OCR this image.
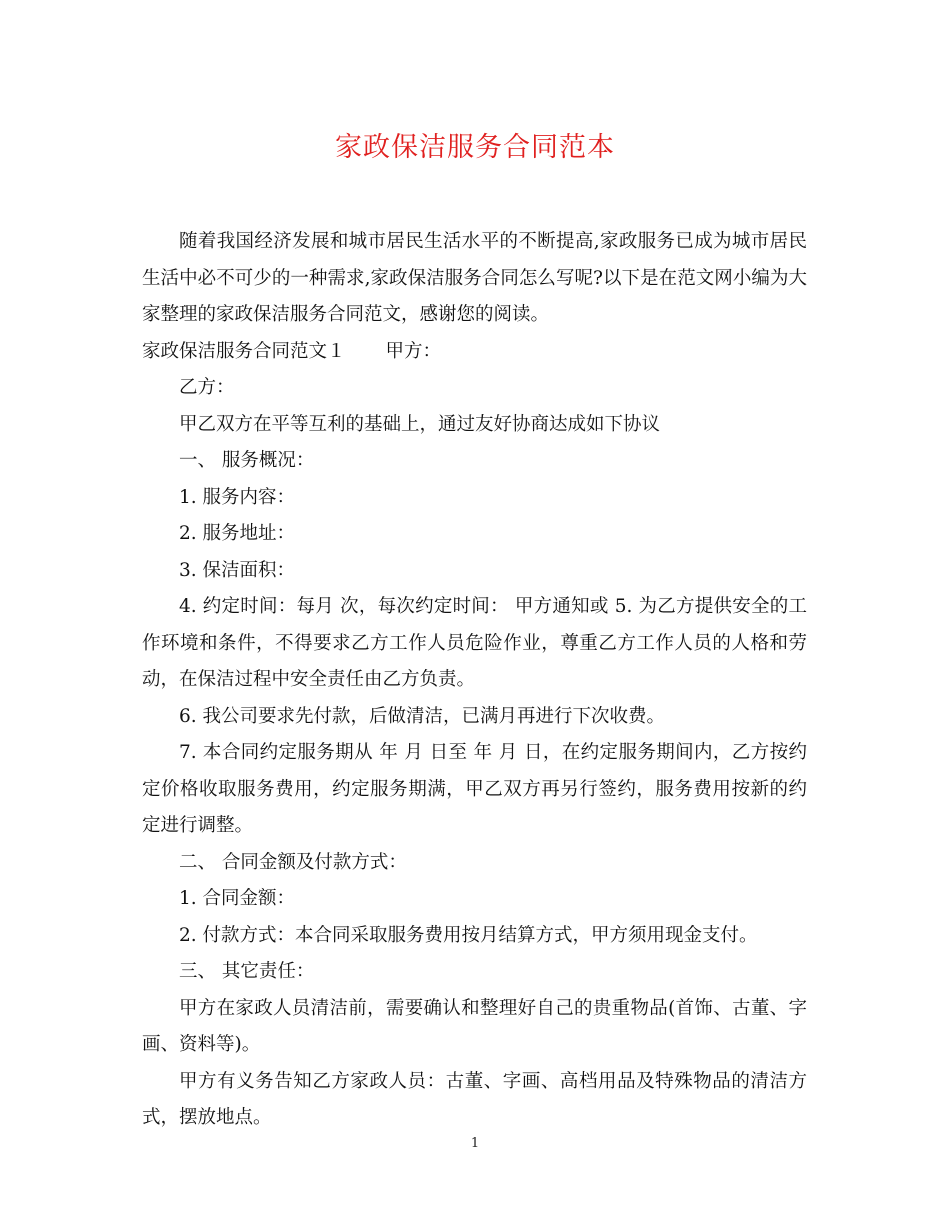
家政保洁服务合同范本

随着我国经济发展和城市居民生活水平的不断提高,家政服务已成为城市居民生活中必不可少的一种需求,家政保洁服务合同怎么写呢?以下是在范文网小编为大家整理的家政保洁服务合同范文，感谢您的阅读。

家政保洁服务合同范文１ 甲方：

乙方：

甲乙双方在平等互利的基础上，通过友好协商达成如下协议

一、 服务概况：

1. 服务内容：

2. 服务地址：

3. 保洁面积：

4. 约定时间：每月 次，每次约定时间： 甲方通知或 5. 为乙方提供安全的工作环境和条件，不得要求乙方工作人员危险作业，尊重乙方工作人员的人格和劳动，在保洁过程中安全责任由乙方负责。

6. 我公司要求先付款，后做清洁，已满月再进行下次收费。

7. 本合同约定服务期从 年 月 日至 年 月 日，在约定服务期间内，乙方按约定价格收取服务费用，约定服务期满，甲乙双方再另行签约，服务费用按新的约定进行调整。

二、 合同金额及付款方式：

1. 合同金额：

2. 付款方式：本合同采取服务费用按月结算方式，甲方须用现金支付。

三、 其它责任：

甲方在家政人员清洁前，需要确认和整理好自己的贵重物品(首饰、古董、字画、资料等)。

甲方有义务告知乙方家政人员：古董、字画、高档用品及特殊物品的清洁方式，摆放地点。

1
